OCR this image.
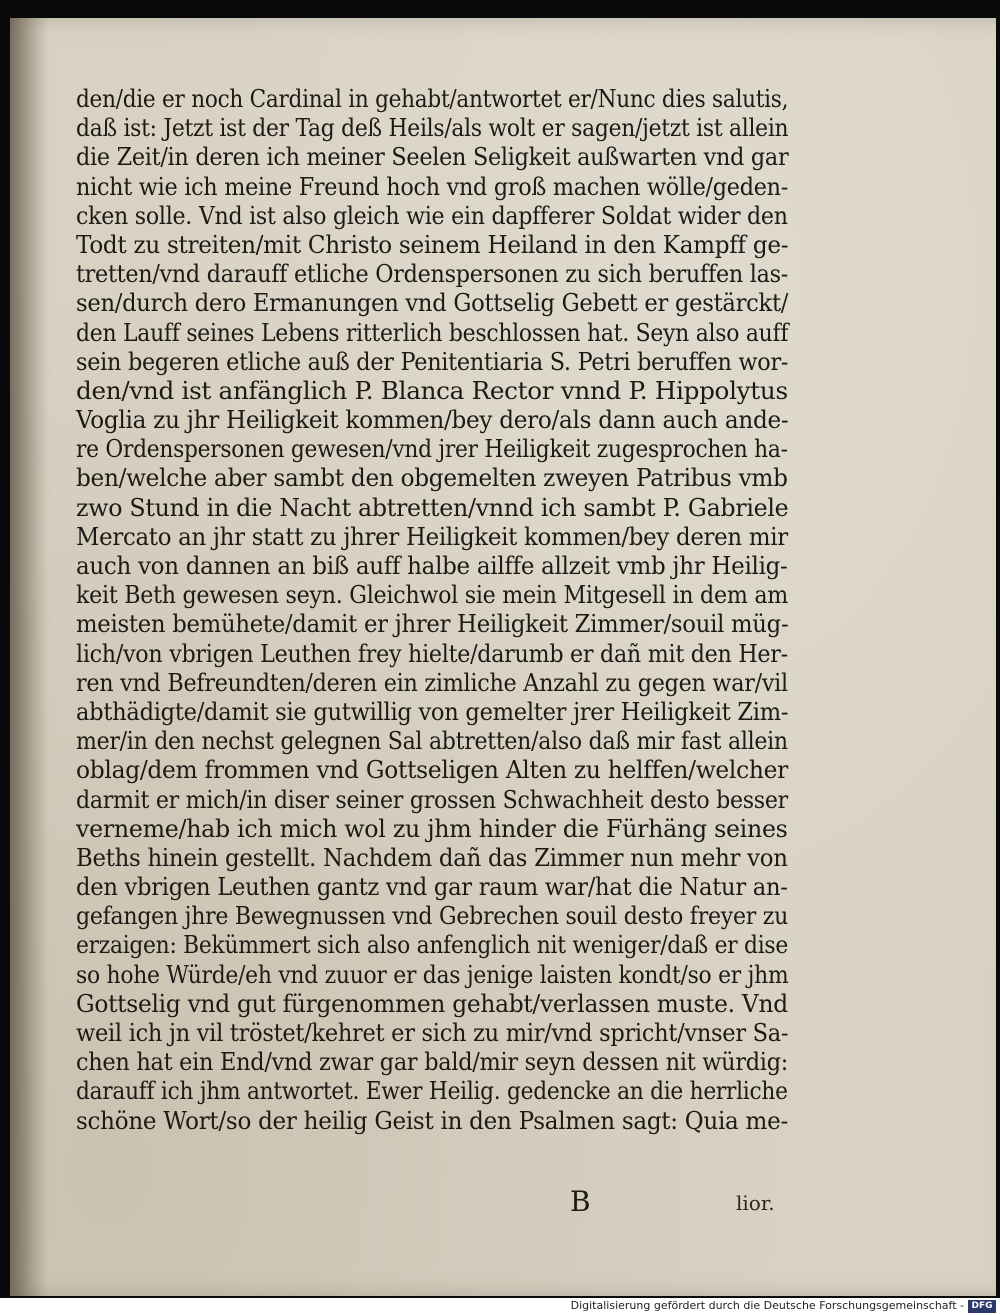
den/die er noch Cardinal in gehabt/antwortet er/Nunc dies salutis,
daß ist: Jetzt ist der Tag deß Heils/als wolt er sagen/jetzt ist allein
die Zeit/in deren ich meiner Seelen Seligkeit außwarten vnd gar
nicht wie ich meine Freund hoch vnd groß machen wölle/geden-
cken solle. Vnd ist also gleich wie ein dapfferer Soldat wider den
Todt zu streiten/mit Christo seinem Heiland in den Kampff ge-
tretten/vnd darauff etliche Ordenspersonen zu sich beruffen las-
sen/durch dero Ermanungen vnd Gottselig Gebett er gestärckt/
den Lauff seines Lebens ritterlich beschlossen hat. Seyn also auff
sein begeren etliche auß der Penitentiaria S. Petri beruffen wor-
den/vnd ist anfänglich P. Blanca Rector vnnd P. Hippolytus
Voglia zu jhr Heiligkeit kommen/bey dero/als dann auch ande-
re Ordenspersonen gewesen/vnd jrer Heiligkeit zugesprochen ha-
ben/welche aber sambt den obgemelten zweyen Patribus vmb
zwo Stund in die Nacht abtretten/vnnd ich sambt P. Gabriele
Mercato an jhr statt zu jhrer Heiligkeit kommen/bey deren mir
auch von dannen an biß auff halbe ailffe allzeit vmb jhr Heilig-
keit Beth gewesen seyn. Gleichwol sie mein Mitgesell in dem am
meisten bemühete/damit er jhrer Heiligkeit Zimmer/souil müg-
lich/von vbrigen Leuthen frey hielte/darumb er dañ mit den Her-
ren vnd Befreundten/deren ein zimliche Anzahl zu gegen war/vil
abthädigte/damit sie gutwillig von gemelter jrer Heiligkeit Zim-
mer/in den nechst gelegnen Sal abtretten/also daß mir fast allein
oblag/dem frommen vnd Gottseligen Alten zu helffen/welcher
darmit er mich/in diser seiner grossen Schwachheit desto besser
verneme/hab ich mich wol zu jhm hinder die Fürhäng seines
Beths hinein gestellt. Nachdem dañ das Zimmer nun mehr von
den vbrigen Leuthen gantz vnd gar raum war/hat die Natur an-
gefangen jhre Bewegnussen vnd Gebrechen souil desto freyer zu
erzaigen: Bekümmert sich also anfenglich nit weniger/daß er dise
so hohe Würde/eh vnd zuuor er das jenige laisten kondt/so er jhm
Gottselig vnd gut fürgenommen gehabt/verlassen muste. Vnd
weil ich jn vil tröstet/kehret er sich zu mir/vnd spricht/vnser Sa-
chen hat ein End/vnd zwar gar bald/mir seyn dessen nit würdig:
darauff ich jhm antwortet. Ewer Heilig. gedencke an die herrliche
schöne Wort/so der heilig Geist in den Psalmen sagt: Quia me-
B	lior.
Digitalisierung gefördert durch die Deutsche Forschungsgemeinschaft - DFG
